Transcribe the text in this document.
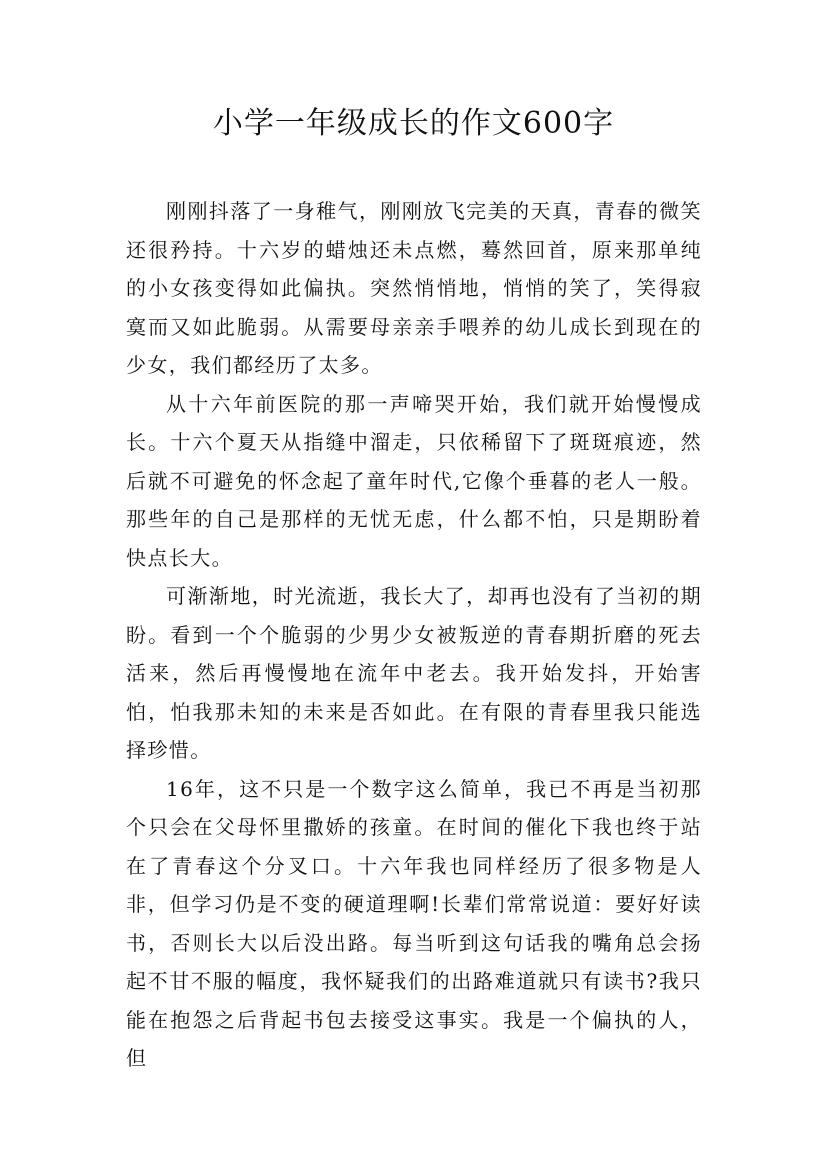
小学一年级成长的作文600字

刚刚抖落了一身稚气，刚刚放飞完美的天真，青春的微笑还很矜持。十六岁的蜡烛还未点燃，蓦然回首，原来那单纯的小女孩变得如此偏执。突然悄悄地，悄悄的笑了，笑得寂寞而又如此脆弱。从需要母亲亲手喂养的幼儿成长到现在的少女，我们都经历了太多。

从十六年前医院的那一声啼哭开始，我们就开始慢慢成长。十六个夏天从指缝中溜走，只依稀留下了斑斑痕迹，然后就不可避免的怀念起了童年时代,它像个垂暮的老人一般。那些年的自己是那样的无忧无虑，什么都不怕，只是期盼着快点长大。

可渐渐地，时光流逝，我长大了，却再也没有了当初的期盼。看到一个个脆弱的少男少女被叛逆的青春期折磨的死去活来，然后再慢慢地在流年中老去。我开始发抖，开始害怕，怕我那未知的未来是否如此。在有限的青春里我只能选择珍惜。

16年，这不只是一个数字这么简单，我已不再是当初那个只会在父母怀里撒娇的孩童。在时间的催化下我也终于站在了青春这个分叉口。十六年我也同样经历了很多物是人非，但学习仍是不变的硬道理啊!长辈们常常说道：要好好读书，否则长大以后没出路。每当听到这句话我的嘴角总会扬起不甘不服的幅度，我怀疑我们的出路难道就只有读书?我只能在抱怨之后背起书包去接受这事实。我是一个偏执的人，但
